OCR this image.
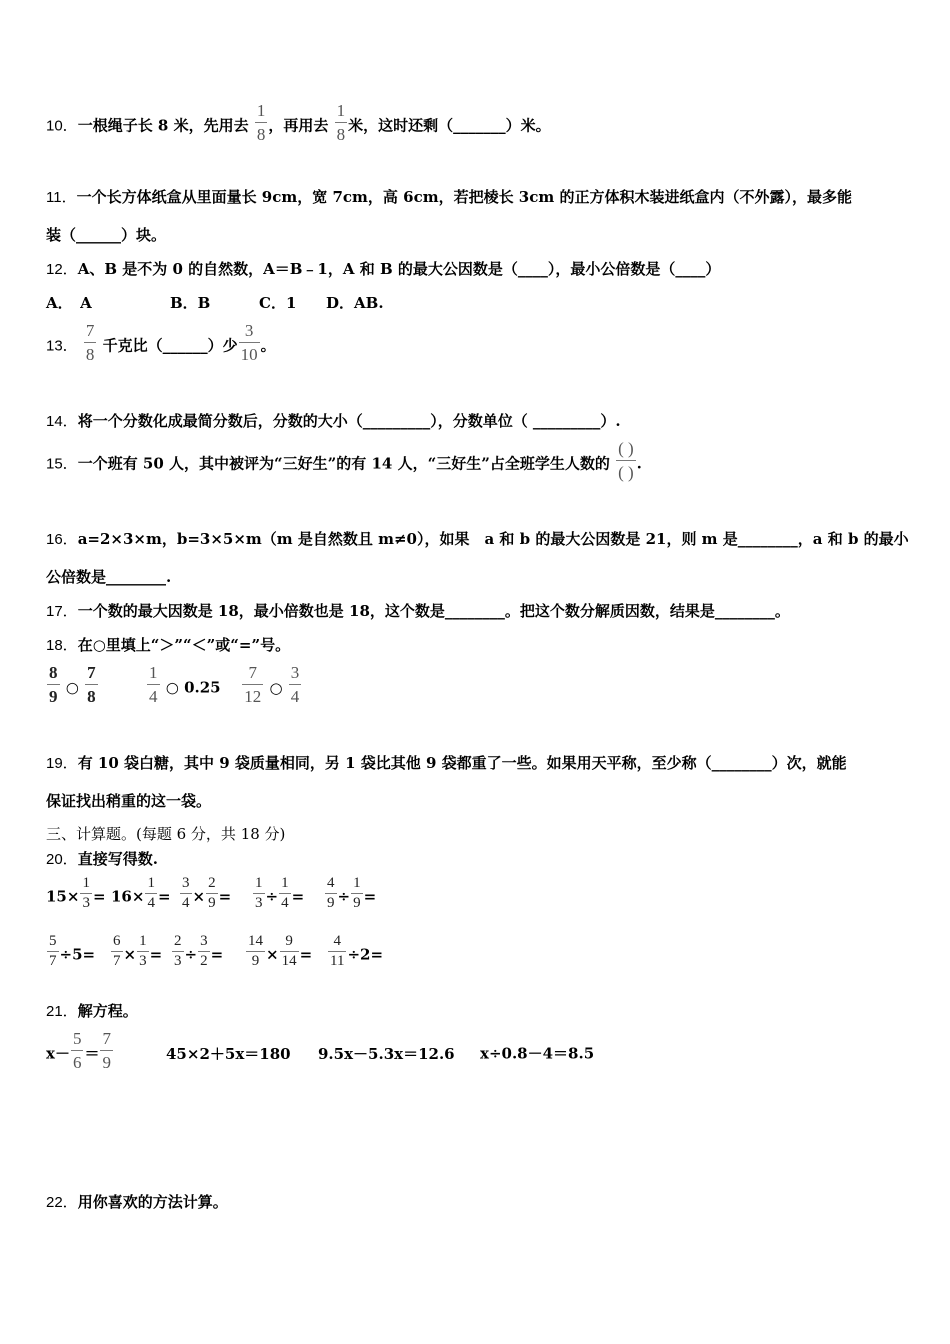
10．一根绳子长 8 米，先用去 $\frac{1}{8}$ ，再用去 $\frac{1}{8}$ 米，这时还剩（_______）米。
11．一个长方体纸盒从里面量长 9cm，宽 7cm，高 6cm，若把棱长 3cm 的正方体积木装进纸盒内（不外露），最多能
装（______）块。
12．A、B 是不为 0 的自然数，A＝B﹣1，A 和 B 的最大公因数是（____），最小公倍数是（____）
A．　A	B．B	C．1 D．AB.
13． $\frac{7}{8}$ 千克比（______）少 $\frac{3}{10}$ 。
14．将一个分数化成最简分数后，分数的大小（_________），分数单位（ _________）.
15．一个班有 50 人，其中被评为“三好生”的有 14 人，“三好生”占全班学生人数的 $\frac{( )}{( )}$ .
16．a=2×3×m，b=3×5×m（m 是自然数且 m≠0），如果　a 和 b 的最大公因数是 21，则 m 是________，a 和 b 的最小
公倍数是________.
17．一个数的最大因数是 18，最小倍数也是 18，这个数是________。把这个数分解质因数，结果是________。
18．在○里填上“＞”“＜”或“=”号。
$\frac{8}{9}$ ○ $\frac{7}{8}$	$\frac{1}{4}$ ○ $0.25 \frac{7}{12}$ ○ $\frac{3}{4}$
19．有 10 袋白糖，其中 9 袋质量相同，另 1 袋比其他 9 袋都重了一些。如果用天平称，至少称（________）次，就能
保证找出稍重的这一袋。
三、计算题。(每题 6 分，共 18 分)
20．直接写得数.
$15\times \frac{1}{3} = 16\times \frac{1}{4} = \frac{3}{4} \times \frac{2}{9} = \frac{1}{3} \div \frac{1}{4} = \frac{4}{9} \div \frac{1}{9}$ =
$\frac{5}{7} \div 5= \frac{6}{7} \times \frac{1}{3} = \frac{2}{3} \div \frac{3}{2} = \frac{14}{9} \times \frac{9}{14} = \frac{4}{11} \div 2=$
21．解方程。
$x- \frac{5}{6} = \frac{7}{9}$	45×2＋5x＝180 9.5x－5.3x＝12.6 x÷0.8－4＝8.5
22．用你喜欢的方法计算。
